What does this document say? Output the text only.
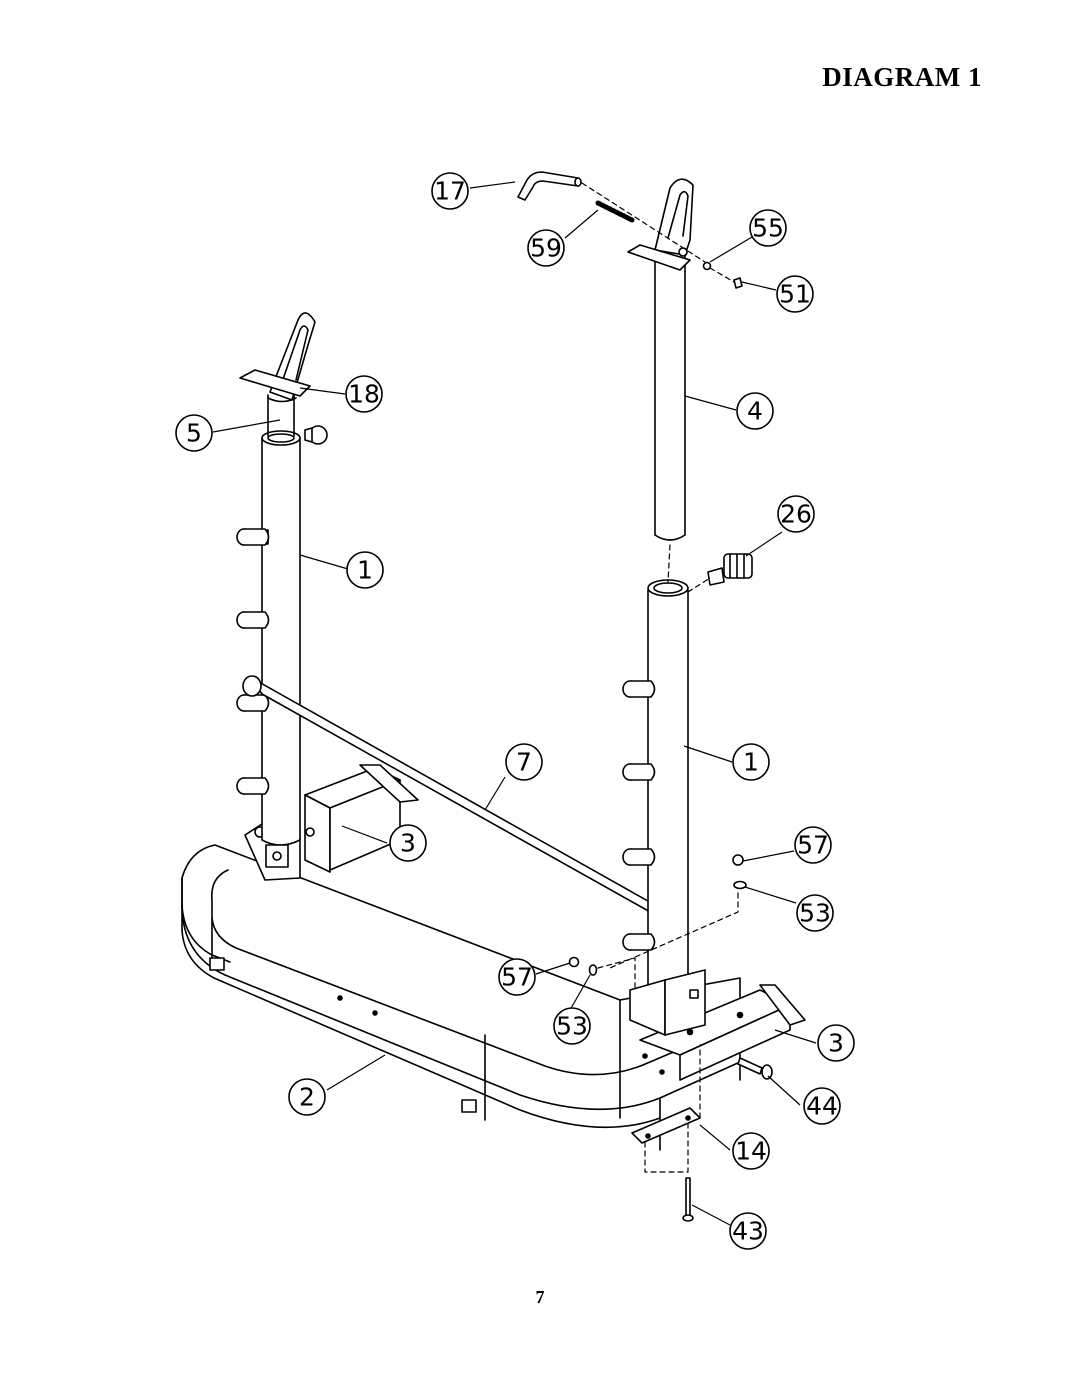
DIAGRAM 1
17
59
55
51
18
5
4
26
1
1
7
3	57
53
57
53
3
2	44
14
43
7
